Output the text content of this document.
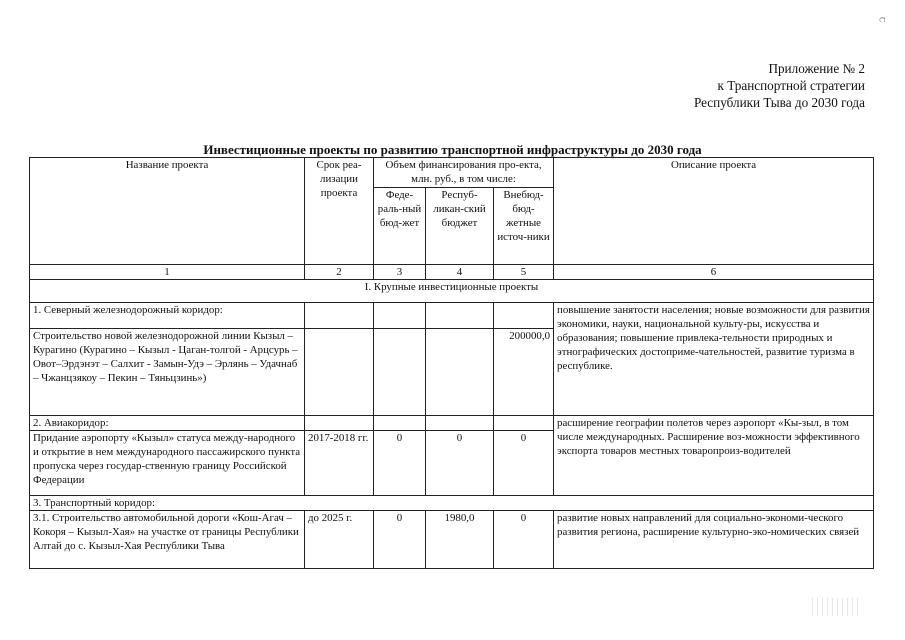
ꞇ
Приложение № 2
к Транспортной стратегии
Республики Тыва до 2030 года
Инвестиционные проекты по развитию транспортной инфраструктуры до 2030 года
Название проекта	Срок реа-лизации проекта	Объем финансирования про-екта, млн. руб., в том числе:			Описание проекта
		Феде-раль-ный бюд-жет	Респуб-ликан-ский бюджет	Внебюд-бюд-жетные источ-ники	
1	2	3	4	5	6
I. Крупные инвестиционные проекты					
1. Северный железнодорожный коридор:					повышение занятости населения; новые возможности для развития экономики, науки, национальной культу-ры, искусства и образования; повышение привлека-тельности природных и этнографических достоприме-чательностей, развитие туризма в республике.
Строительство новой железнодорожной линии Кызыл – Курагино (Курагино – Кызыл - Цаган-толгой - Арцсурь – Овот–Эрдэнэт – Салхит - Замын-Удэ – Эрлянь – Удачнаб – Чжанцзякоу – Пекин – Тяньцзинь»)				200000,0	
2. Авиакоридор:					расширение географии полетов через аэропорт «Кы-зыл, в том числе международных. Расширение воз-можности эффективного экспорта товаров местных товаропроиз-водителей
Придание аэропорту «Кызыл» статуса между-народного и открытие в нем международного пассажирского пункта пропуска через государ-ственную границу Российской Федерации	2017-2018 гг.	0	0	0	
3. Транспортный коридор:					
3.1. Строительство автомобильной дороги «Кош-Агач – Кокоря – Кызыл-Хая» на участке от границы Республики Алтай до с. Кызыл-Хая Республики Тыва	до 2025 г.	0	1980,0	0	развитие новых направлений для социально-экономи-ческого развития региона, расширение культурно-эко-номических связей
